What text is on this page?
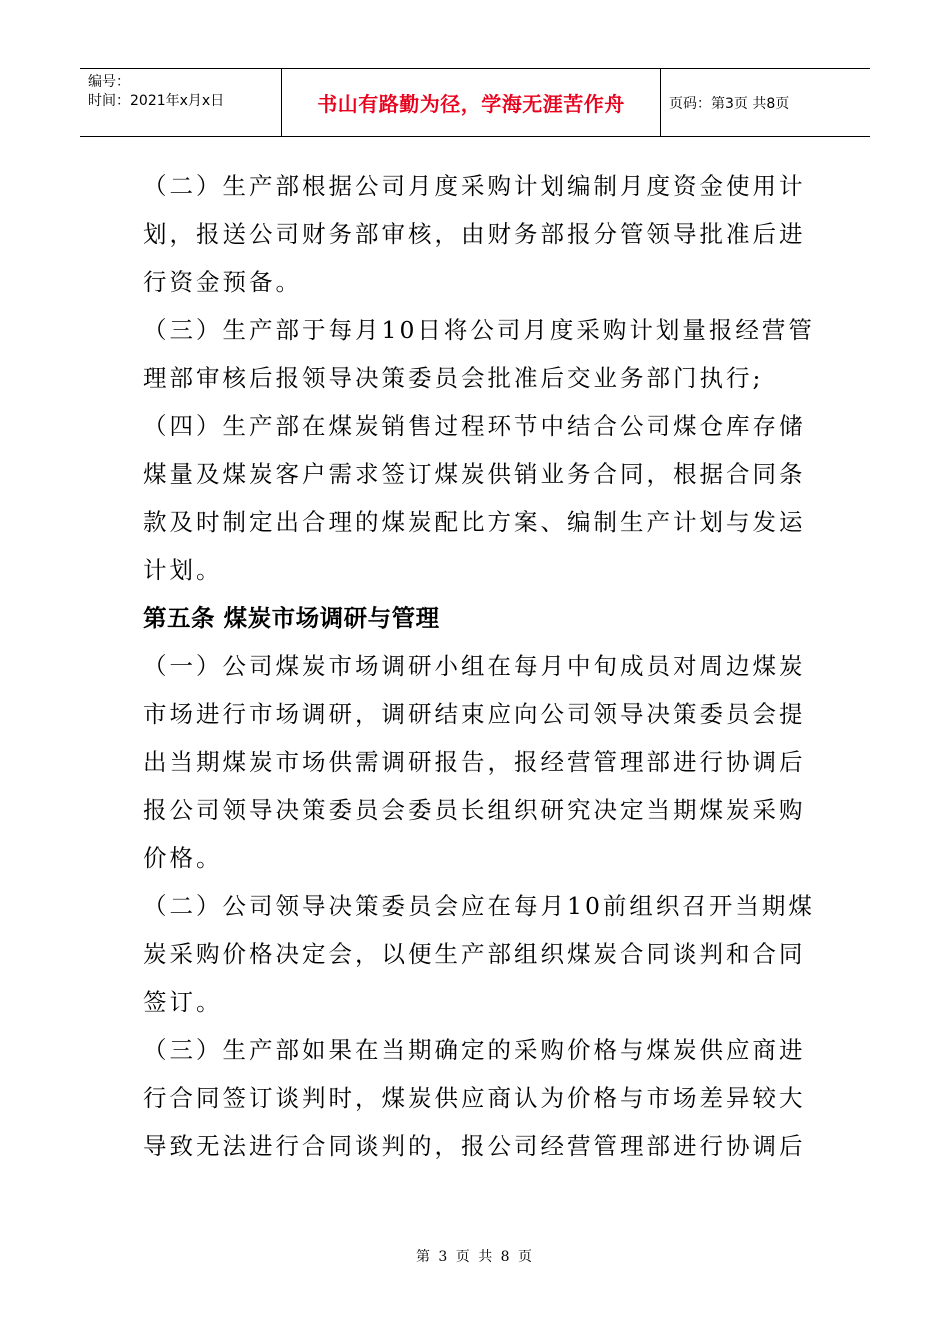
编号：
时间：2021年x月x日	书山有路勤为径，学海无涯苦作舟	页码：第3页 共8页
（二）生产部根据公司月度采购计划编制月度资金使用计
划，报送公司财务部审核，由财务部报分管领导批准后进
行资金预备。
（三）生产部于每月10日将公司月度采购计划量报经营管
理部审核后报领导决策委员会批准后交业务部门执行;
（四）生产部在煤炭销售过程环节中结合公司煤仓库存储
煤量及煤炭客户需求签订煤炭供销业务合同，根据合同条
款及时制定出合理的煤炭配比方案、编制生产计划与发运
计划。
第五条 煤炭市场调研与管理
（一）公司煤炭市场调研小组在每月中旬成员对周边煤炭
市场进行市场调研，调研结束应向公司领导决策委员会提
出当期煤炭市场供需调研报告，报经营管理部进行协调后
报公司领导决策委员会委员长组织研究决定当期煤炭采购
价格。
（二）公司领导决策委员会应在每月10前组织召开当期煤
炭采购价格决定会，以便生产部组织煤炭合同谈判和合同
签订。
（三）生产部如果在当期确定的采购价格与煤炭供应商进
行合同签订谈判时，煤炭供应商认为价格与市场差异较大
导致无法进行合同谈判的，报公司经营管理部进行协调后
第 3 页 共 8 页
